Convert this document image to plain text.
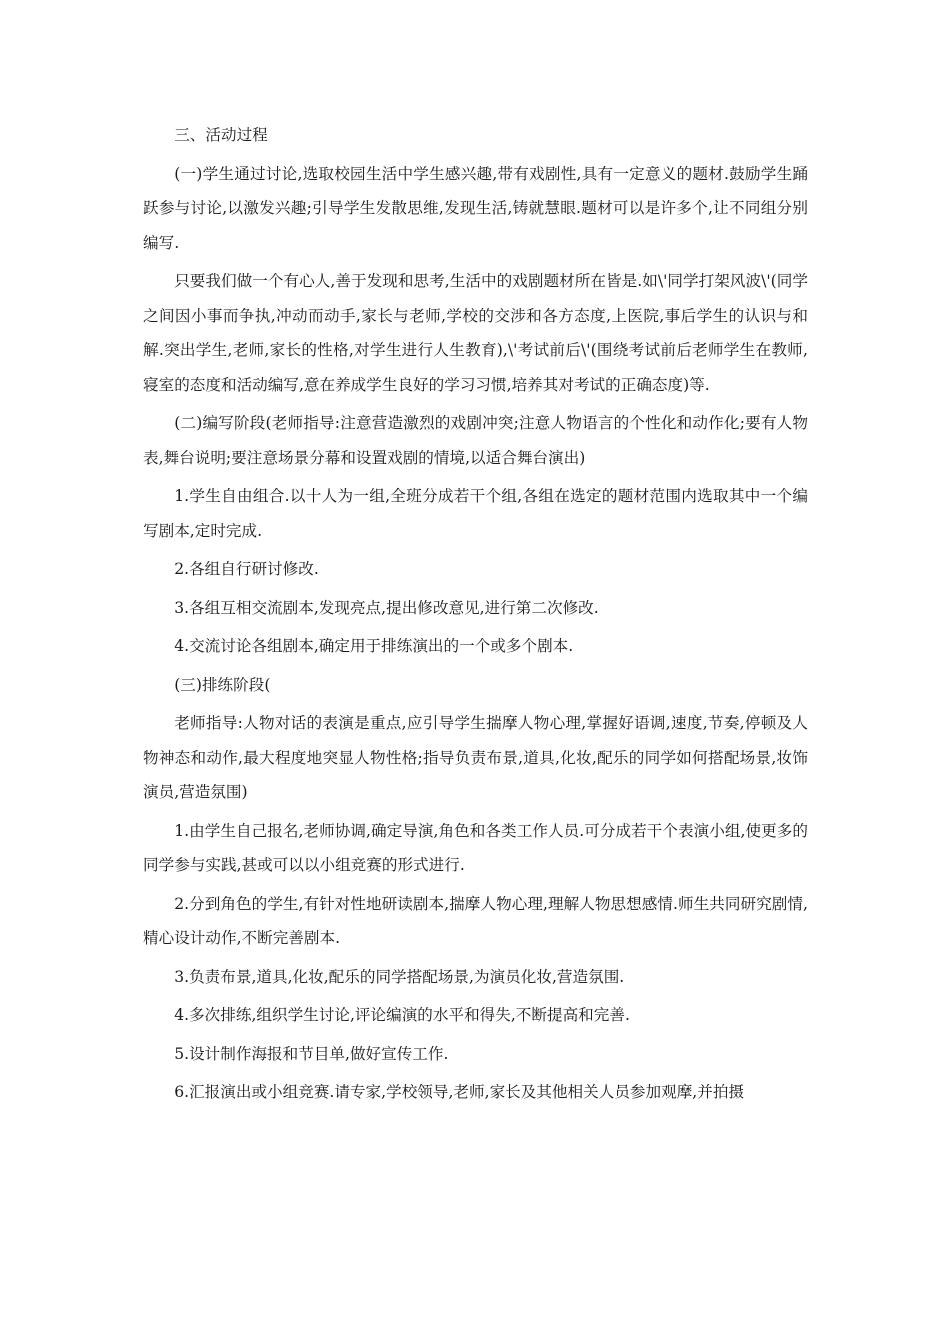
三、活动过程

(一)学生通过讨论,选取校园生活中学生感兴趣,带有戏剧性,具有一定意义的题材.鼓励学生踊跃参与讨论,以激发兴趣;引导学生发散思维,发现生活,铸就慧眼.题材可以是许多个,让不同组分别编写.

只要我们做一个有心人,善于发现和思考,生活中的戏剧题材所在皆是.如\'同学打架风波\'(同学之间因小事而争执,冲动而动手,家长与老师,学校的交涉和各方态度,上医院,事后学生的认识与和解.突出学生,老师,家长的性格,对学生进行人生教育),\'考试前后\'(围绕考试前后老师学生在教师,寝室的态度和活动编写,意在养成学生良好的学习习惯,培养其对考试的正确态度)等.

(二)编写阶段(老师指导:注意营造激烈的戏剧冲突;注意人物语言的个性化和动作化;要有人物表,舞台说明;要注意场景分幕和设置戏剧的情境,以适合舞台演出)

1.学生自由组合.以十人为一组,全班分成若干个组,各组在选定的题材范围内选取其中一个编写剧本,定时完成.

2.各组自行研讨修改.

3.各组互相交流剧本,发现亮点,提出修改意见,进行第二次修改.

4.交流讨论各组剧本,确定用于排练演出的一个或多个剧本.

(三)排练阶段(

老师指导:人物对话的表演是重点,应引导学生揣摩人物心理,掌握好语调,速度,节奏,停顿及人物神态和动作,最大程度地突显人物性格;指导负责布景,道具,化妆,配乐的同学如何搭配场景,妆饰演员,营造氛围)

1.由学生自己报名,老师协调,确定导演,角色和各类工作人员.可分成若干个表演小组,使更多的同学参与实践,甚或可以以小组竞赛的形式进行.

2.分到角色的学生,有针对性地研读剧本,揣摩人物心理,理解人物思想感情.师生共同研究剧情,精心设计动作,不断完善剧本.

3.负责布景,道具,化妆,配乐的同学搭配场景,为演员化妆,营造氛围.

4.多次排练,组织学生讨论,评论编演的水平和得失,不断提高和完善.

5.设计制作海报和节目单,做好宣传工作.

6.汇报演出或小组竞赛.请专家,学校领导,老师,家长及其他相关人员参加观摩,并拍摄
